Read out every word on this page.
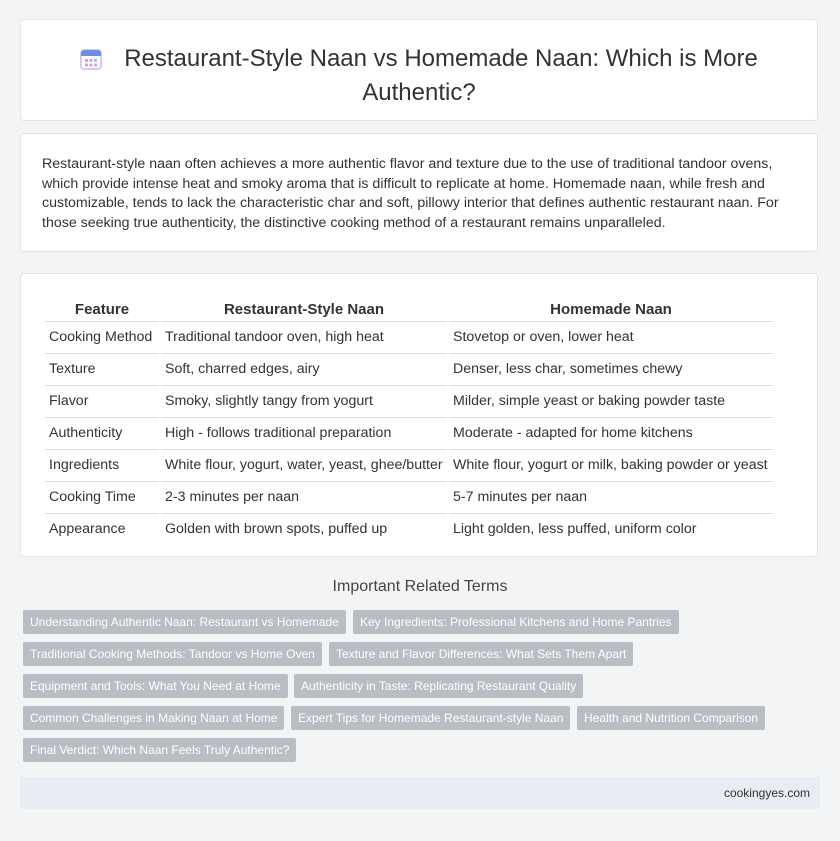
Restaurant-Style Naan vs Homemade Naan: Which is More Authentic?

Restaurant-style naan often achieves a more authentic flavor and texture due to the use of traditional tandoor ovens, which provide intense heat and smoky aroma that is difficult to replicate at home. Homemade naan, while fresh and customizable, tends to lack the characteristic char and soft, pillowy interior that defines authentic restaurant naan. For those seeking true authenticity, the distinctive cooking method of a restaurant remains unparalleled.

Feature	Restaurant-Style Naan	Homemade Naan
Cooking Method	Traditional tandoor oven, high heat	Stovetop or oven, lower heat
Texture	Soft, charred edges, airy	Denser, less char, sometimes chewy
Flavor	Smoky, slightly tangy from yogurt	Milder, simple yeast or baking powder taste
Authenticity	High - follows traditional preparation	Moderate - adapted for home kitchens
Ingredients	White flour, yogurt, water, yeast, ghee/butter	White flour, yogurt or milk, baking powder or yeast
Cooking Time	2-3 minutes per naan	5-7 minutes per naan
Appearance	Golden with brown spots, puffed up	Light golden, less puffed, uniform color
Important Related Terms
Understanding Authentic Naan: Restaurant vs Homemade	Key Ingredients: Professional Kitchens and Home Pantries
Traditional Cooking Methods: Tandoor vs Home Oven	Texture and Flavor Differences: What Sets Them Apart
Equipment and Tools: What You Need at Home	Authenticity in Taste: Replicating Restaurant Quality
Common Challenges in Making Naan at Home	Expert Tips for Homemade Restaurant-style Naan	Health and Nutrition Comparison
Final Verdict: Which Naan Feels Truly Authentic?
cookingyes.com
